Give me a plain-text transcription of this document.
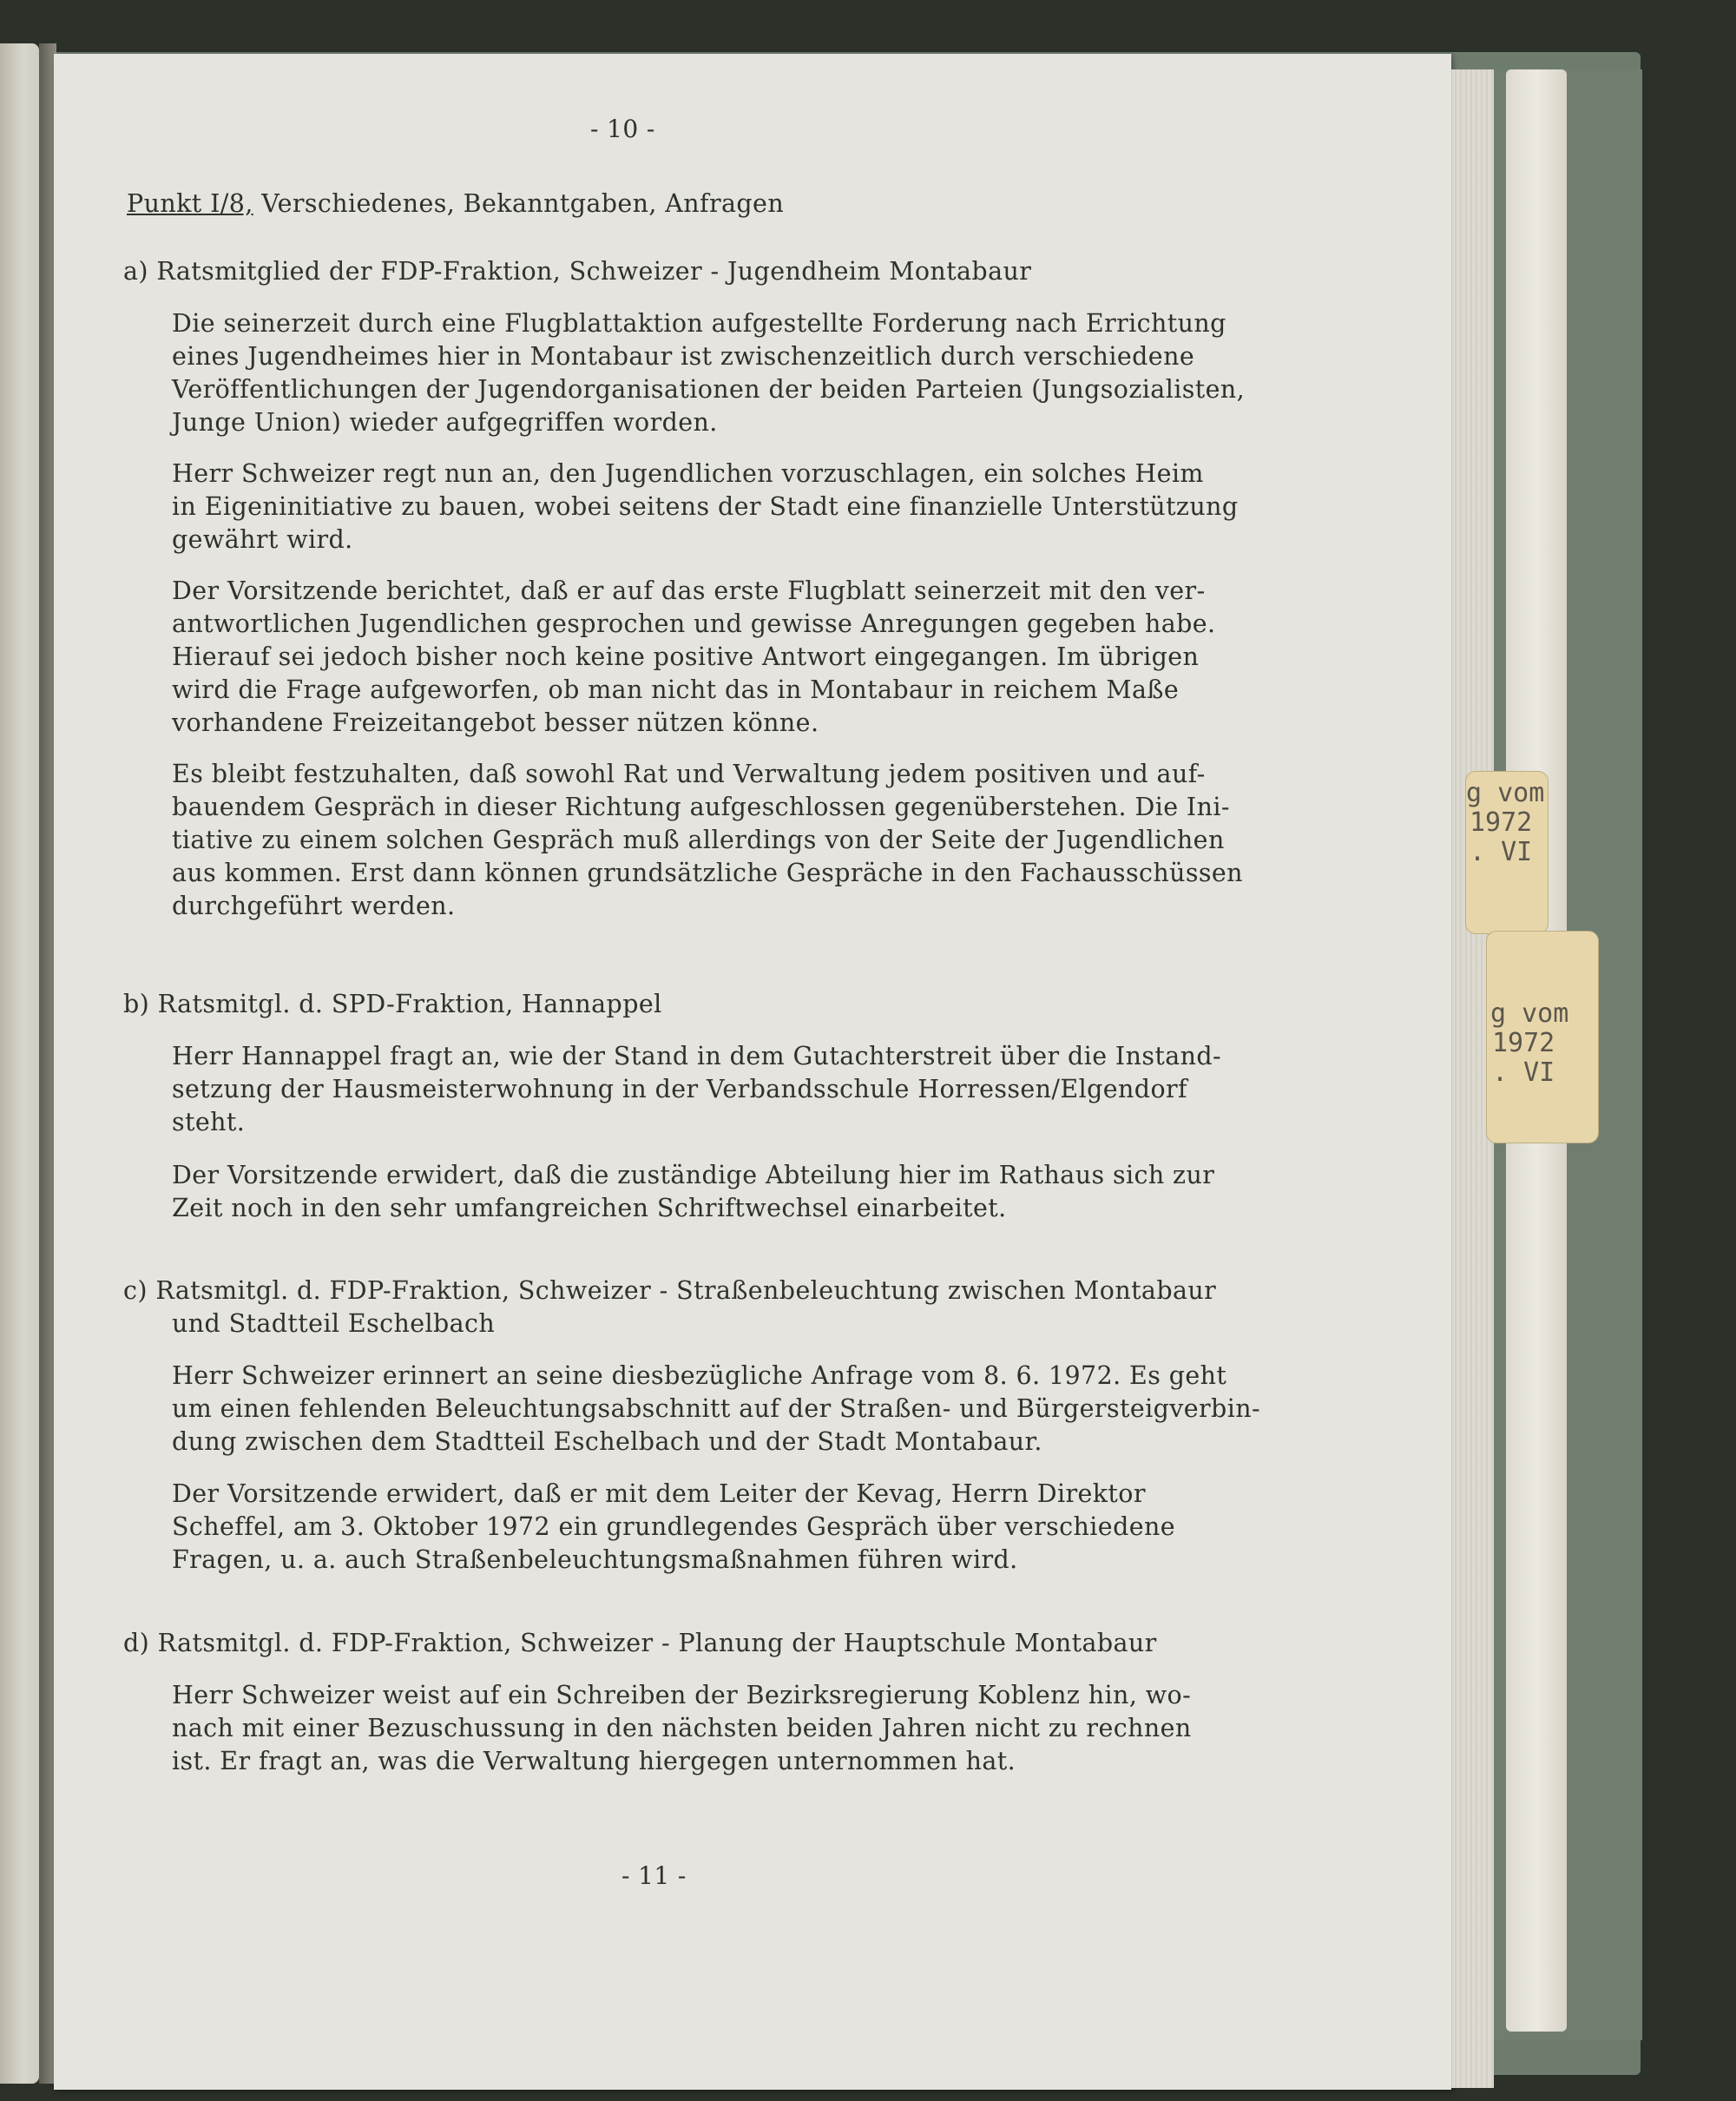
g vom
1972
. VI
g vom
1972
. VI
- 10 -
Punkt I/8, Verschiedenes, Bekanntgaben, Anfragen
a) Ratsmitglied der FDP-Fraktion, Schweizer - Jugendheim Montabaur
Die seinerzeit durch eine Flugblattaktion aufgestellte Forderung nach Errichtung
eines Jugendheimes hier in Montabaur ist zwischenzeitlich durch verschiedene
Veröffentlichungen der Jugendorganisationen der beiden Parteien (Jungsozialisten,
Junge Union) wieder aufgegriffen worden.
Herr Schweizer regt nun an, den Jugendlichen vorzuschlagen, ein solches Heim
in Eigeninitiative zu bauen, wobei seitens der Stadt eine finanzielle Unterstützung
gewährt wird.
Der Vorsitzende berichtet, daß er auf das erste Flugblatt seinerzeit mit den ver-
antwortlichen Jugendlichen gesprochen und gewisse Anregungen gegeben habe.
Hierauf sei jedoch bisher noch keine positive Antwort eingegangen. Im übrigen
wird die Frage aufgeworfen, ob man nicht das in Montabaur in reichem Maße
vorhandene Freizeitangebot besser nützen könne.
Es bleibt festzuhalten, daß sowohl Rat und Verwaltung jedem positiven und auf-
bauendem Gespräch in dieser Richtung aufgeschlossen gegenüberstehen. Die Ini-
tiative zu einem solchen Gespräch muß allerdings von der Seite der Jugendlichen
aus kommen. Erst dann können grundsätzliche Gespräche in den Fachausschüssen
durchgeführt werden.
b) Ratsmitgl. d. SPD-Fraktion, Hannappel
Herr Hannappel fragt an, wie der Stand in dem Gutachterstreit über die Instand-
setzung der Hausmeisterwohnung in der Verbandsschule Horressen/Elgendorf
steht.
Der Vorsitzende erwidert, daß die zuständige Abteilung hier im Rathaus sich zur
Zeit noch in den sehr umfangreichen Schriftwechsel einarbeitet.
c) Ratsmitgl. d. FDP-Fraktion, Schweizer - Straßenbeleuchtung zwischen Montabaur
und Stadtteil Eschelbach
Herr Schweizer erinnert an seine diesbezügliche Anfrage vom 8. 6. 1972. Es geht
um einen fehlenden Beleuchtungsabschnitt auf der Straßen- und Bürgersteigverbin-
dung zwischen dem Stadtteil Eschelbach und der Stadt Montabaur.
Der Vorsitzende erwidert, daß er mit dem Leiter der Kevag, Herrn Direktor
Scheffel, am 3. Oktober 1972 ein grundlegendes Gespräch über verschiedene
Fragen, u. a. auch Straßenbeleuchtungsmaßnahmen führen wird.
d) Ratsmitgl. d. FDP-Fraktion, Schweizer - Planung der Hauptschule Montabaur
Herr Schweizer weist auf ein Schreiben der Bezirksregierung Koblenz hin, wo-
nach mit einer Bezuschussung in den nächsten beiden Jahren nicht zu rechnen
ist. Er fragt an, was die Verwaltung hiergegen unternommen hat.
- 11 -
